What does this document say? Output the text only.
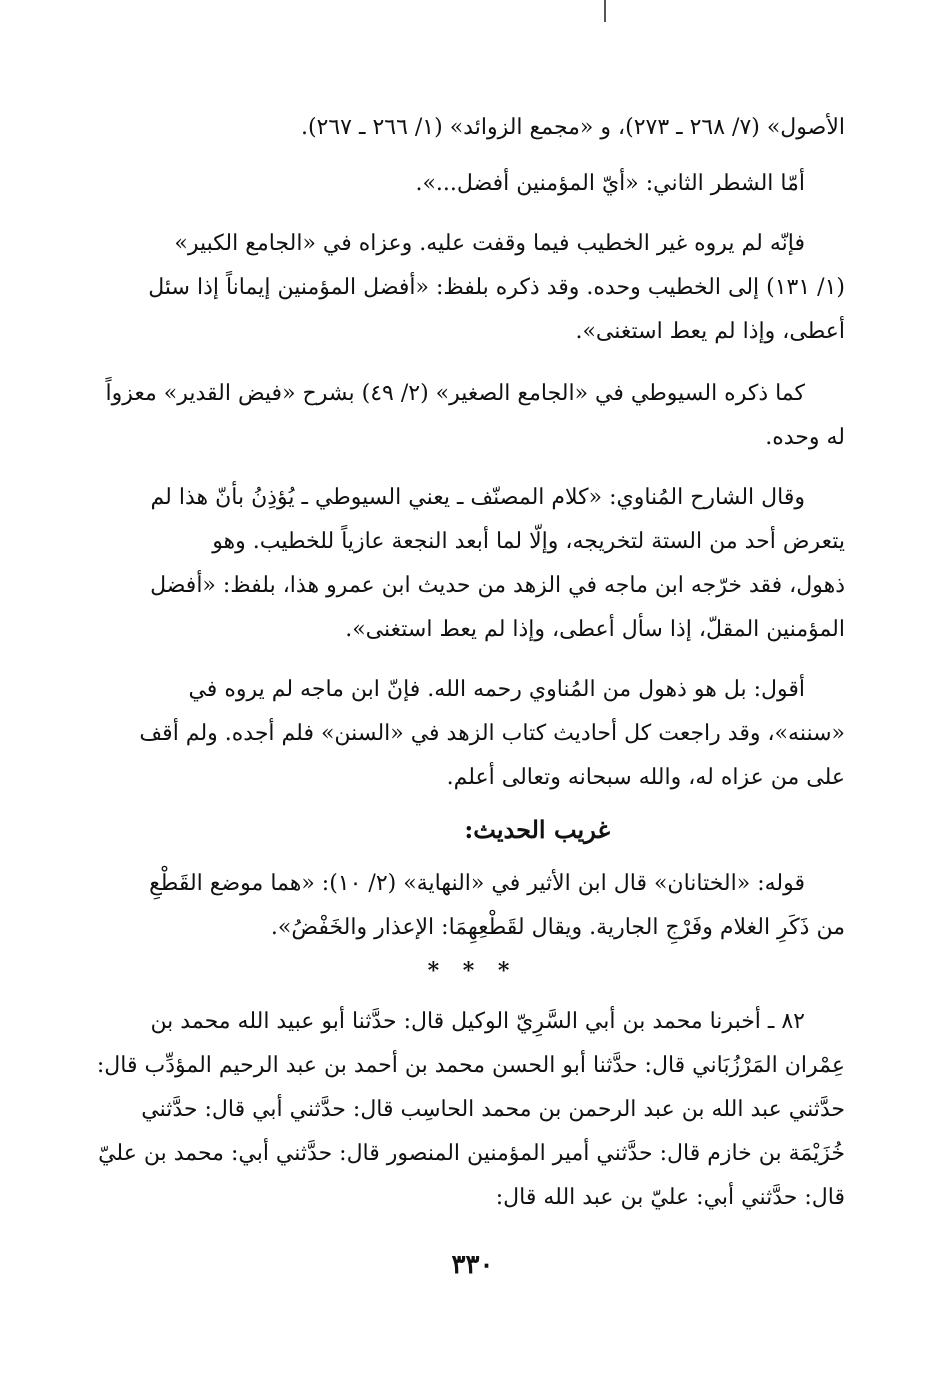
الأصول» (٧/ ٢٦٨ ـ ٢٧٣)، و «مجمع الزوائد» (١/ ٢٦٦ ـ ٢٦٧).
أمّا الشطر الثاني: «أيّ المؤمنين أفضل...».
فإنّه لم يروه غير الخطيب فيما وقفت عليه. وعزاه في «الجامع الكبير»
(١/ ١٣١) إلى الخطيب وحده. وقد ذكره بلفظ: «أفضل المؤمنين إيماناً إذا سئل
أعطى، وإذا لم يعط استغنى».
كما ذكره السيوطي في «الجامع الصغير» (٢/ ٤٩) بشرح «فيض القدير» معزواً
له وحده.
وقال الشارح المُناوي: «كلام المصنّف ـ يعني السيوطي ـ يُؤذِنُ بأنّ هذا لم
يتعرض أحد من الستة لتخريجه، وإلّا لما أبعد النجعة عازياً للخطيب. وهو
ذهول، فقد خرّجه ابن ماجه في الزهد من حديث ابن عمرو هذا، بلفظ: «أفضل
المؤمنين المقلّ، إذا سأل أعطى، وإذا لم يعط استغنى».
أقول: بل هو ذهول من المُناوي رحمه الله. فإنّ ابن ماجه لم يروه في
«سننه»، وقد راجعت كل أحاديث كتاب الزهد في «السنن» فلم أجده. ولم أقف
على من عزاه له، والله سبحانه وتعالى أعلم.
غريب الحديث:
قوله: «الختانان» قال ابن الأثير في «النهاية» (٢/ ١٠): «هما موضع القَطْعِ
من ذَكَرِ الغلام وفَرْجِ الجارية. ويقال لقَطْعِهِمَا: الإعذار والخَفْضُ».
* * *
٨٢ ـ أخبرنا محمد بن أبي السَّرِيّ الوكيل قال: حدَّثنا أبو عبيد الله محمد بن
عِمْران المَرْزُبَاني قال: حدَّثنا أبو الحسن محمد بن أحمد بن عبد الرحيم المؤدِّب قال:
حدَّثني عبد الله بن عبد الرحمن بن محمد الحاسِب قال: حدَّثني أبي قال: حدَّثني
خُزَيْمَة بن خازم قال: حدَّثني أمير المؤمنين المنصور قال: حدَّثني أبي: محمد بن عليّ
قال: حدَّثني أبي: عليّ بن عبد الله قال:
٣٣٠
